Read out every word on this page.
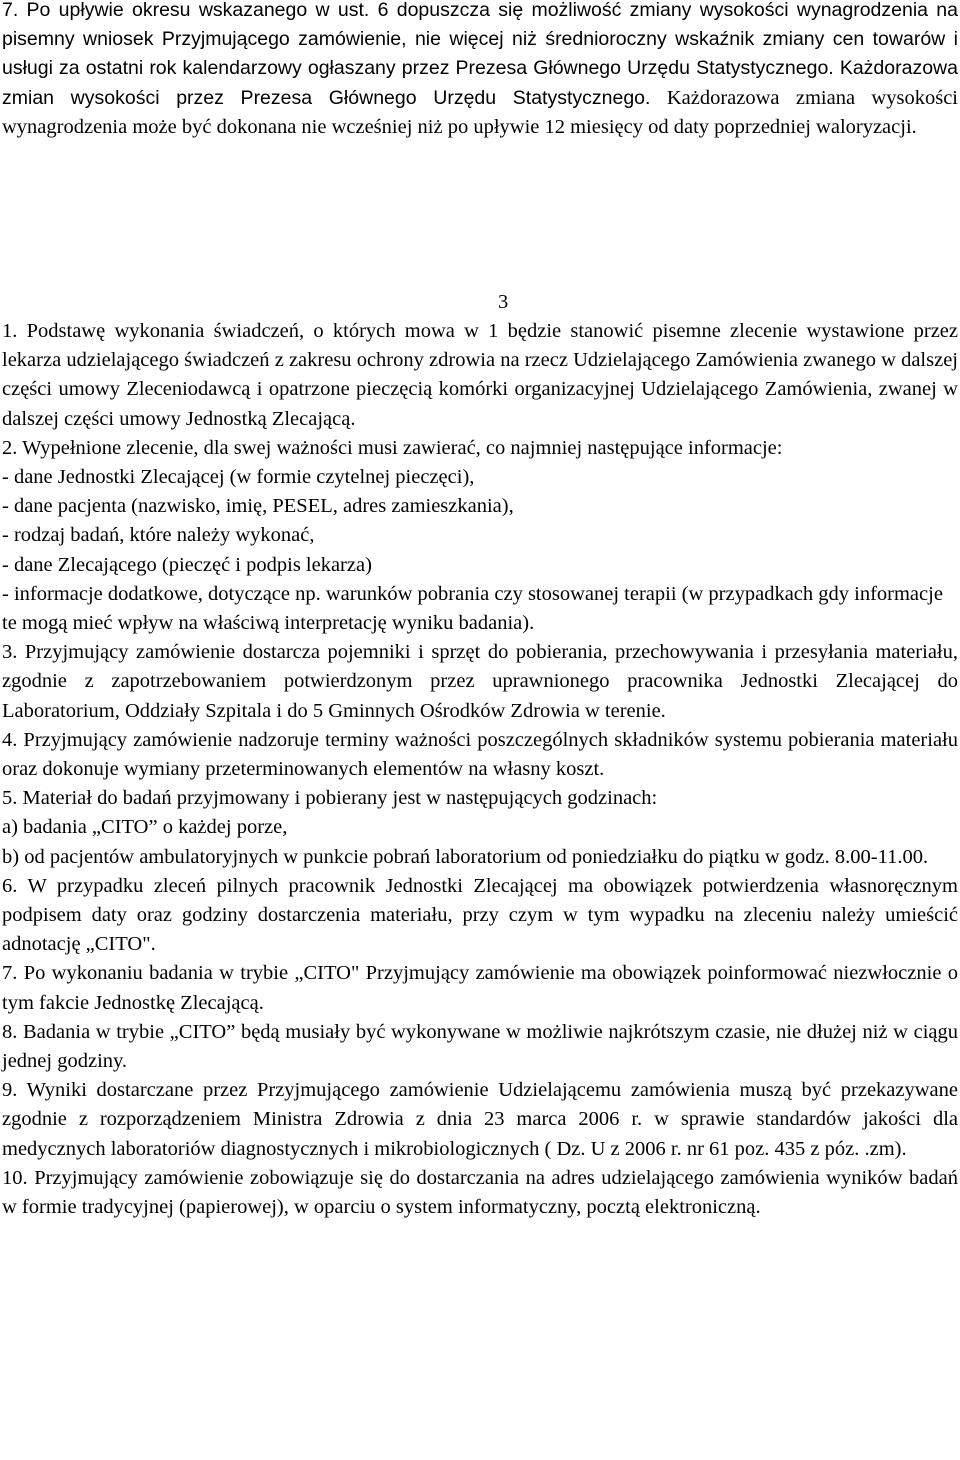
7. Po upływie okresu wskazanego w ust. 6 dopuszcza się możliwość zmiany wysokości wynagrodzenia na pisemny wniosek Przyjmującego zamówienie, nie więcej niż średnioroczny wskaźnik zmiany cen towarów i usługi za ostatni rok kalendarzowy ogłaszany przez Prezesa Głównego Urzędu Statystycznego. Każdorazowa zmian wysokości przez Prezesa Głównego Urzędu Statystycznego. Każdorazowa zmiana wysokości wynagrodzenia może być dokonana nie wcześniej niż po upływie 12 miesięcy od daty poprzedniej waloryzacji.

3

1. Podstawę wykonania świadczeń, o których mowa w 1 będzie stanowić pisemne zlecenie wystawione przez lekarza udzielającego świadczeń z zakresu ochrony zdrowia na rzecz Udzielającego Zamówienia zwanego w dalszej części umowy Zleceniodawcą i opatrzone pieczęcią komórki organizacyjnej Udzielającego Zamówienia, zwanej w dalszej części umowy Jednostką Zlecającą.

2. Wypełnione zlecenie, dla swej ważności musi zawierać, co najmniej następujące informacje:

- dane Jednostki Zlecającej (w formie czytelnej pieczęci),

- dane pacjenta (nazwisko, imię, PESEL, adres zamieszkania),

- rodzaj badań, które należy wykonać,

- dane Zlecającego (pieczęć i podpis lekarza)

- informacje dodatkowe, dotyczące np. warunków pobrania czy stosowanej terapii (w przypadkach gdy informacje te mogą mieć wpływ na właściwą interpretację wyniku badania).

3. Przyjmujący zamówienie dostarcza pojemniki i sprzęt do pobierania, przechowywania i przesyłania materiału, zgodnie z zapotrzebowaniem potwierdzonym przez uprawnionego pracownika Jednostki Zlecającej do Laboratorium, Oddziały Szpitala i do 5 Gminnych Ośrodków Zdrowia w terenie.

4. Przyjmujący zamówienie nadzoruje terminy ważności poszczególnych składników systemu pobierania materiału oraz dokonuje wymiany przeterminowanych elementów na własny koszt.

5. Materiał do badań przyjmowany i pobierany jest w następujących godzinach:

a) badania „CITO” o każdej porze,

b) od pacjentów ambulatoryjnych w punkcie pobrań laboratorium od poniedziałku do piątku w godz. 8.00-11.00.

6. W przypadku zleceń pilnych pracownik Jednostki Zlecającej ma obowiązek potwierdzenia własnoręcznym podpisem daty oraz godziny dostarczenia materiału, przy czym w tym wypadku na zleceniu należy umieścić adnotację „CITO".

7. Po wykonaniu badania w trybie „CITO" Przyjmujący zamówienie ma obowiązek poinformować niezwłocznie o tym fakcie Jednostkę Zlecającą.

8. Badania w trybie „CITO” będą musiały być wykonywane w możliwie najkrótszym czasie, nie dłużej niż w ciągu jednej godziny.

9. Wyniki dostarczane przez Przyjmującego zamówienie Udzielającemu zamówienia muszą być przekazywane zgodnie z rozporządzeniem Ministra Zdrowia z dnia 23 marca 2006 r. w sprawie standardów jakości dla medycznych laboratoriów diagnostycznych i mikrobiologicznych ( Dz. U z 2006 r. nr 61 poz. 435 z póz. .zm).

10. Przyjmujący zamówienie zobowiązuje się do dostarczania na adres udzielającego zamówienia wyników badań w formie tradycyjnej (papierowej), w oparciu o system informatyczny, pocztą elektroniczną.
